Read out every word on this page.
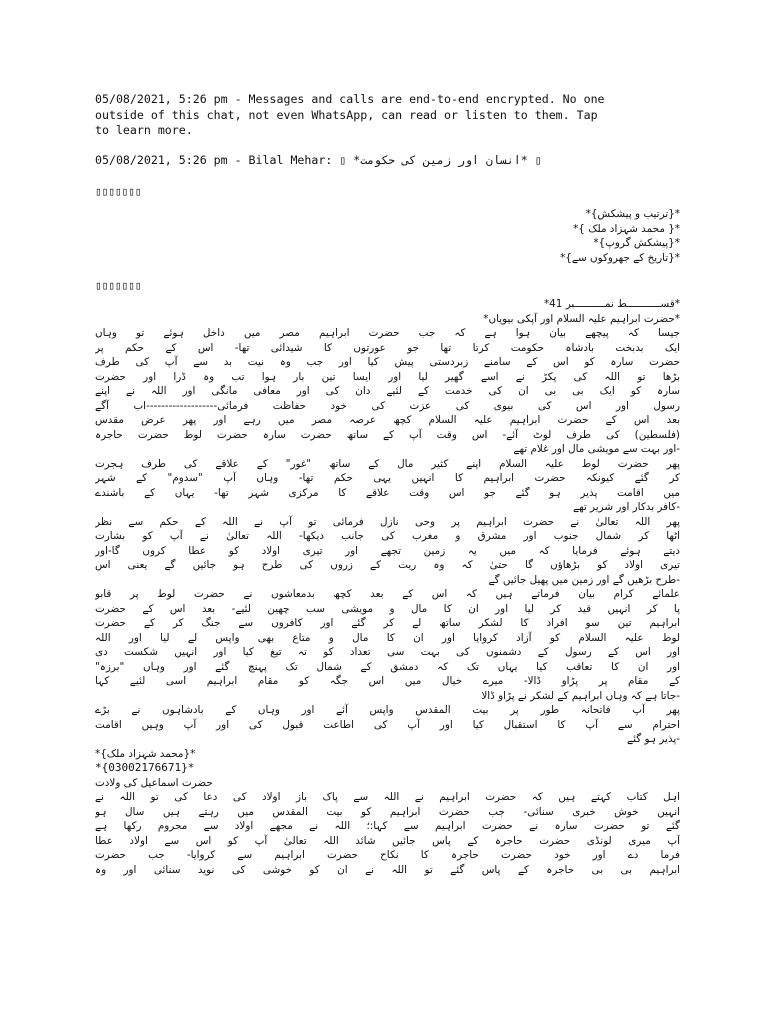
05/08/2021, 5:26 pm - Messages and calls are end-to-end encrypted. No one
outside of this chat, not even WhatsApp, can read or listen to them. Tap
to learn more.
05/08/2021, 5:26 pm - Bilal Mehar: ▯ *انسان اور زمین کی حکومت* ▯
▯▯▯▯▯▯▯
*{ترتیب و پیشکش}*
*{ محمد شہزاد ملک }*
*{پیشکش گروپ}*
*{تاریخ کے جھروکوں سے}*
▯▯▯▯▯▯▯
*قســـــــــــط نمــــــــــبر 41*
*حضرت ابراہیم علیہ السلام اور آپکی بیویاں*
جیسا کہ پیچھے بیان ہوا ہے کہ جب حضرت ابراہیم مصر میں داخل ہوئے تو وہاں
ایک بدبخت بادشاہ حکومت کرتا تھا جو عورتوں کا شیدائی تھا- اس کے حکم پر
حضرت سارہ کو اس کے سامنے زبردستی پیش کیا اور جب وہ نیت بد سے آپ کی طرف
بڑھا تو اللہ کی پکڑ نے اسے گھیر لیا اور ایسا تین بار ہوا تب وہ ڈرا اور حضرت
سارہ کو ایک بی بی ان کی خدمت کے لئیے دان کی اور معافی مانگی اور اللہ نے اپنے
رسول اور اس کی بیوی کی عزت کی خود حفاظت فرمائی-------------------اب آگے
بعد اس کے حضرت ابراہیم علیہ السلام کچھ عرصہ مصر میں رہے اور پھر عرض مقدس
(فلسطین) کی طرف لوٹ آئے- اس وقت آپ کے ساتھ حضرت سارہ حضرت لوط حضرت حاجرہ
-اور بہت سے مویشی مال اور غلام تھے
پھر حضرت لوط علیہ السلام اپنے کثیر مال کے ساتھ "غور" کے علاقے کی طرف ہجرت
کر گئے کیونکہ حضرت ابراہیم کا انہیں یہی حکم تھا- وہاں آپ "سدوم" کے شہر
میں اقامت پذیر ہو گئے جو اس وقت علاقے کا مرکزی شہر تھا- یہاں کے باشندے
-کافر بدکار اور شریر تھے
پھر اللہ تعالیٰ نے حضرت ابراہیم پر وحی نازل فرمائی تو آپ نے اللہ کے حکم سے نظر
اٹھا کر شمال جنوب اور مشرق و مغرب کی جانب دیکھا- اللہ تعالیٰ نے آپ کو بشارت
دیتے ہوئے فرمایا کہ میں یہ زمین تجھے اور تیری اولاد کو عطا کروں گا-اور
تیری اولاد کو بڑھاؤں گا حتیٰ کہ وہ ریت کے زروں کی طرح ہو جائیں گے یعنی اس
-طرح بڑھیں گے اور زمین میں پھیل جائیں گے
علمائے کرام بیان فرماتے ہیں کہ اس کے بعد کچھ بدمعاشوں نے حضرت لوط پر قابو
پا کر انہیں قید کر لیا اور ان کا مال و مویشی سب چھین لئیے- بعد اس کے حضرت
ابراہیم تین سو افراد کا لشکر ساتھ لے کر گئے اور کافروں سے جنگ کر کے حضرت
لوط علیہ السلام کو آزاد کروایا اور ان کا مال و متاع بھی واپس لے لیا اور اللہ
اور اس کے رسول کے دشمنوں کی بہت سی تعداد کو تہ تیغ کیا اور انہیں شکست دی
اور ان کا تعاقب کیا یہاں تک کہ دمشق کے شمال تک پہنچ گئے اور وہاں "برزہ"
کے مقام پر پڑاو ڈالا- میرے خیال میں اس جگہ کو مقام ابراہیم اسی لئیے کہا
-جاتا ہے کہ وہاں ابراہیم کے لشکر نے پڑاو ڈالا
پھر آپ فاتحانہ طور پر بیت المقدس واپس آئے اور وہاں کے بادشاہوں نے بڑے
احترام سے آپ کا استقبال کیا اور آپ کی اطاعت قبول کی اور آپ وہیں اقامت
-پذیر ہو گئے
*{محمد شہزاد ملک}*
*{03002176671}*
حضرت اسماعیل کی ولادت
اہل کتاب کہتے ہیں کہ حضرت ابراہیم نے اللہ سے پاک باز اولاد کی دعا کی تو اللہ نے
انہیں خوش خبری سنائی- جب حضرت ابراہیم کو بیت المقدس میں رہتے ہیں سال ہو
گئے تو حضرت سارہ نے حضرت ابراہیم سے کہا:؛ اللہ نے مجھے اولاد سے محروم رکھا ہے
آپ میری لونڈی حضرت حاجرہ کے پاس جائیں شائد اللہ تعالیٰ آپ کو اس سے اولاد عطا
فرما دے اور خود حضرت حاجرہ کا نکاح حضرت ابراہیم سے کروایا- جب حضرت
ابراہیم بی بی حاجرہ کے پاس گئے تو اللہ نے ان کو خوشی کی نوید سنائی اور وہ
